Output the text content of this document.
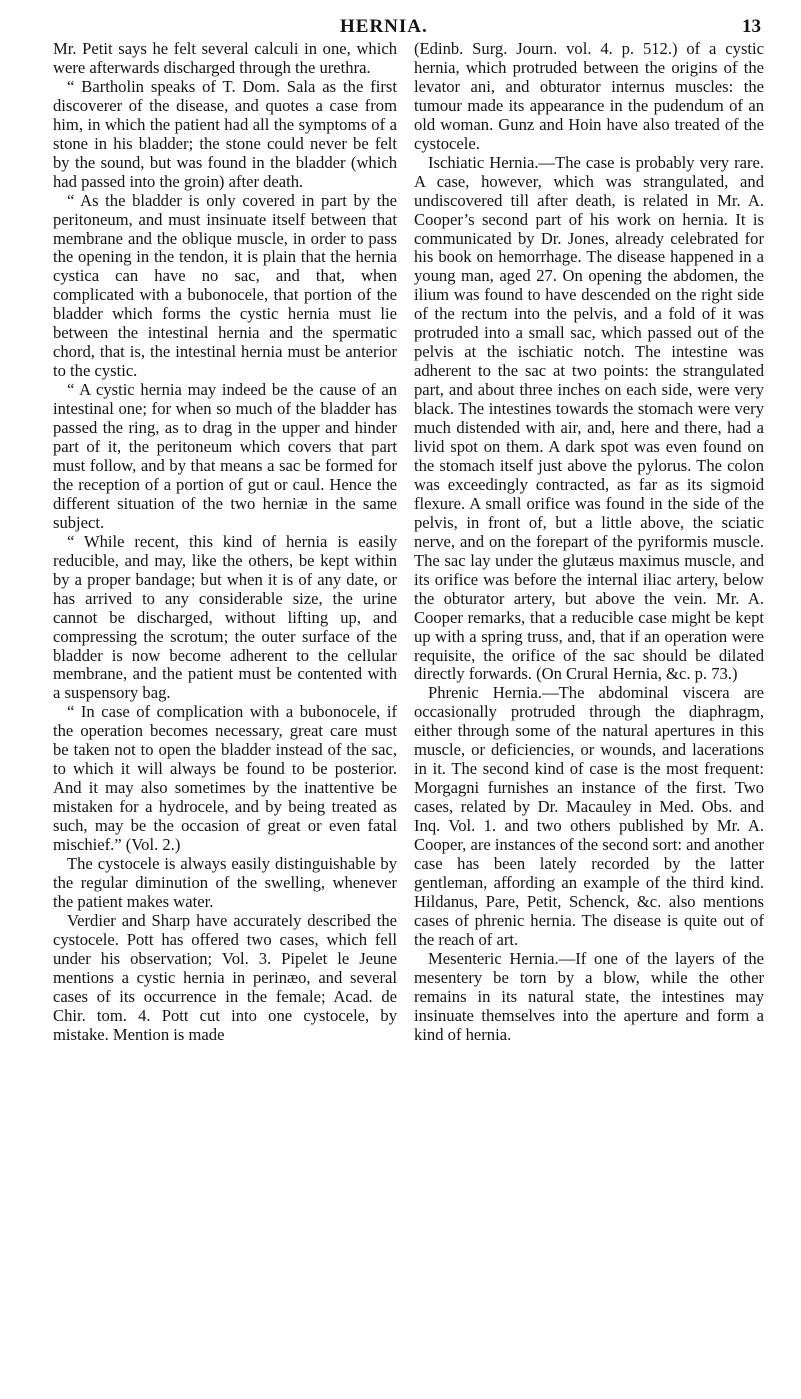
HERNIA.	13

Mr. Petit says he felt several calculi in one, which were afterwards discharged through the urethra.

“ Bartholin speaks of T. Dom. Sala as the first discoverer of the disease, and quotes a case from him, in which the patient had all the symptoms of a stone in his bladder; the stone could never be felt by the sound, but was found in the bladder (which had passed into the groin) after death.

“ As the bladder is only covered in part by the peritoneum, and must insinuate itself between that membrane and the oblique muscle, in order to pass the opening in the tendon, it is plain that the hernia cystica can have no sac, and that, when complicated with a bubonocele, that portion of the bladder which forms the cystic hernia must lie between the intestinal hernia and the spermatic chord, that is, the intestinal hernia must be anterior to the cystic.

“ A cystic hernia may indeed be the cause of an intestinal one; for when so much of the bladder has passed the ring, as to drag in the upper and hinder part of it, the peritoneum which covers that part must follow, and by that means a sac be formed for the reception of a portion of gut or caul. Hence the different situation of the two herniæ in the same subject.

“ While recent, this kind of hernia is easily reducible, and may, like the others, be kept within by a proper bandage; but when it is of any date, or has arrived to any considerable size, the urine cannot be discharged, without lifting up, and compressing the scrotum; the outer surface of the bladder is now become adherent to the cellular membrane, and the patient must be contented with a suspensory bag.

“ In case of complication with a bubonocele, if the operation becomes necessary, great care must be taken not to open the bladder instead of the sac, to which it will always be found to be posterior. And it may also sometimes by the inattentive be mistaken for a hydrocele, and by being treated as such, may be the occasion of great or even fatal mischief.” (Vol. 2.)

The cystocele is always easily distinguishable by the regular diminution of the swelling, whenever the patient makes water.

Verdier and Sharp have accurately described the cystocele. Pott has offered two cases, which fell under his observation; Vol. 3. Pipelet le Jeune mentions a cystic hernia in perinæo, and several cases of its occurrence in the female; Acad. de Chir. tom. 4. Pott cut into one cystocele, by mistake. Mention is made

(Edinb. Surg. Journ. vol. 4. p. 512.) of a cystic hernia, which protruded between the origins of the levator ani, and obturator internus muscles: the tumour made its appearance in the pudendum of an old woman. Gunz and Hoin have also treated of the cystocele.

Ischiatic Hernia.—The case is probably very rare. A case, however, which was strangulated, and undiscovered till after death, is related in Mr. A. Cooper’s second part of his work on hernia. It is communicated by Dr. Jones, already celebrated for his book on hemorrhage. The disease happened in a young man, aged 27. On opening the abdomen, the ilium was found to have descended on the right side of the rectum into the pelvis, and a fold of it was protruded into a small sac, which passed out of the pelvis at the ischiatic notch. The intestine was adherent to the sac at two points: the strangulated part, and about three inches on each side, were very black. The intestines towards the stomach were very much distended with air, and, here and there, had a livid spot on them. A dark spot was even found on the stomach itself just above the pylorus. The colon was exceedingly contracted, as far as its sigmoid flexure. A small orifice was found in the side of the pelvis, in front of, but a little above, the sciatic nerve, and on the forepart of the pyriformis muscle. The sac lay under the glutæus maximus muscle, and its orifice was before the internal iliac artery, below the obturator artery, but above the vein. Mr. A. Cooper remarks, that a reducible case might be kept up with a spring truss, and, that if an operation were requisite, the orifice of the sac should be dilated directly forwards. (On Crural Hernia, &c. p. 73.)

Phrenic Hernia.—The abdominal viscera are occasionally protruded through the diaphragm, either through some of the natural apertures in this muscle, or deficiencies, or wounds, and lacerations in it. The second kind of case is the most frequent: Morgagni furnishes an instance of the first. Two cases, related by Dr. Macauley in Med. Obs. and Inq. Vol. 1. and two others published by Mr. A. Cooper, are instances of the second sort: and another case has been lately recorded by the latter gentleman, affording an example of the third kind. Hildanus, Pare, Petit, Schenck, &c. also mentions cases of phrenic hernia. The disease is quite out of the reach of art.

Mesenteric Hernia.—If one of the layers of the mesentery be torn by a blow, while the other remains in its natural state, the intestines may insinuate themselves into the aperture and form a kind of hernia.
